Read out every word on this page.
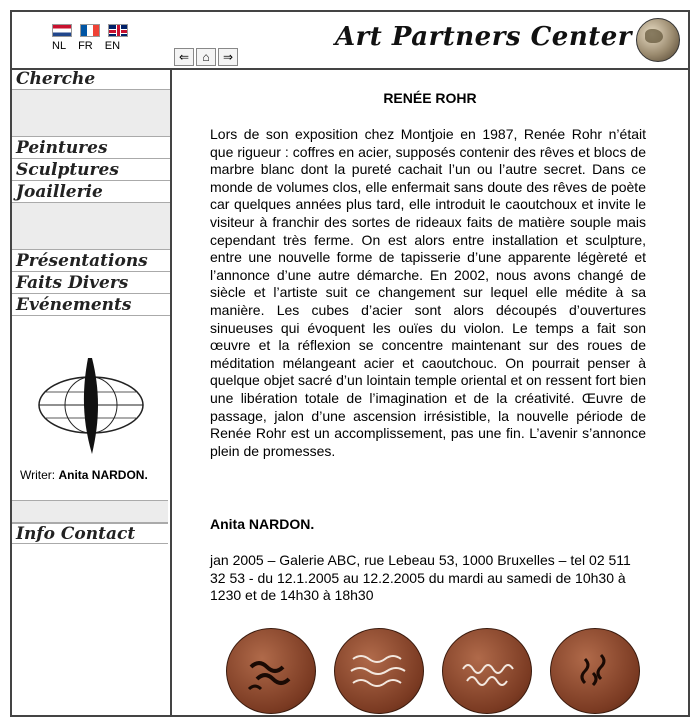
NL FR EN
⇐	⌂	⇒
Art Partners Center
Cherche
Peintures
Sculptures
Joaillerie
Présentations
Faits Divers
Evénements
Writer: Anita NARDON.
Info Contact
RENÉE ROHR
Lors de son exposition chez Montjoie en 1987, Renée Rohr n’était que rigueur : coffres en acier, supposés contenir des rêves et blocs de marbre blanc dont la pureté cachait l’un ou l’autre secret. Dans ce monde de volumes clos, elle enfermait sans doute des rêves de poète car quelques années plus tard, elle introduit le caoutchoux et invite le visiteur à franchir des sortes de rideaux faits de matière souple mais cependant très ferme. On est alors entre installation et sculpture, entre une nouvelle forme de tapisserie d’une apparente légèreté et l’annonce d’une autre démarche. En 2002, nous avons changé de siècle et l’artiste suit ce changement sur lequel elle médite à sa manière. Les cubes d’acier sont alors découpés d’ouvertures sinueuses qui évoquent les ouïes du violon. Le temps a fait son œuvre et la réflexion se concentre maintenant sur des roues de méditation mélangeant acier et caoutchouc. On pourrait penser à quelque objet sacré d’un lointain temple oriental et on ressent fort bien une libération totale de l’imagination et de la créativité. Œuvre de passage, jalon d’une ascension irrésistible, la nouvelle période de Renée Rohr est un accomplissement, pas une fin. L’avenir s’annonce plein de promesses.
Anita NARDON.
jan 2005 – Galerie ABC, rue Lebeau 53, 1000 Bruxelles – tel 02 511 32 53 - du 12.1.2005 au 12.2.2005 du mardi au samedi de 10h30 à 1230 et de 14h30 à 18h30
